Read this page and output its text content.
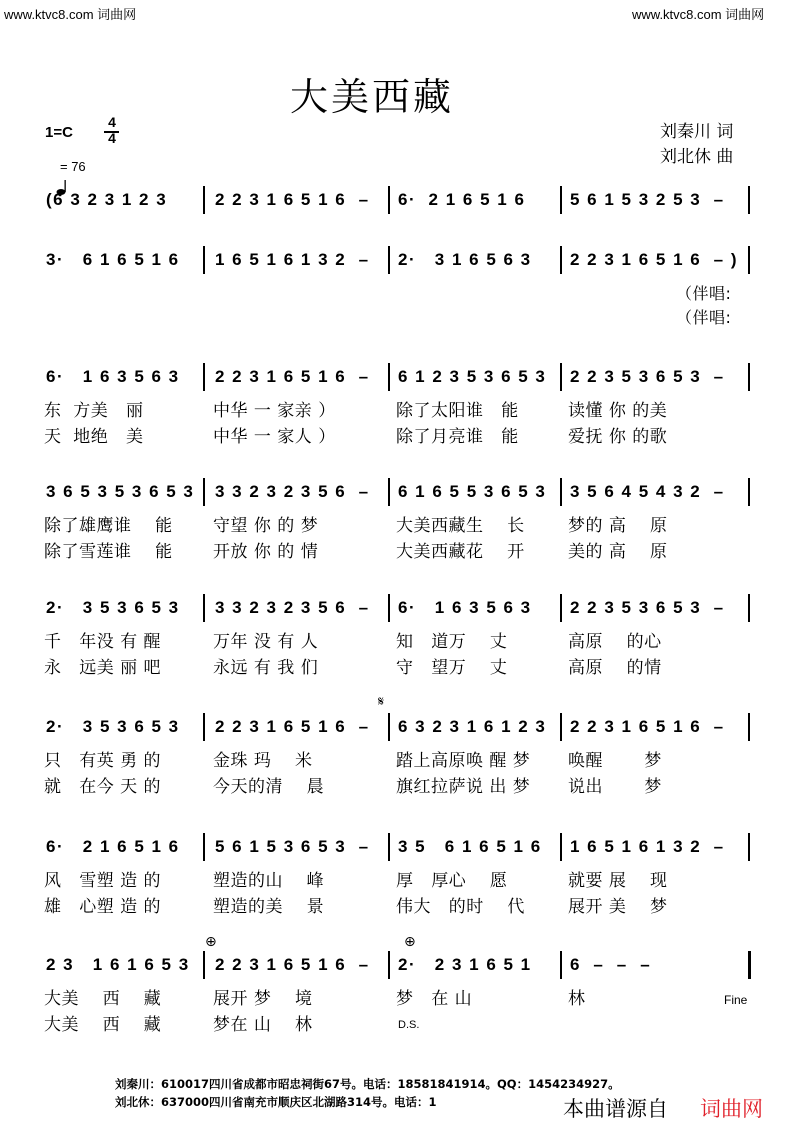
www.ktvc8.com 词曲网	www.ktvc8.com 词曲网
大美西藏
刘秦川 词
刘北休 曲
1=C
4
4

= 76
(6 3 2 3 1 2 3	2 2 3 1 6 5 1 6  – 6·  2 1 6 5 1 6	5 6 1 5 3 2 5 3  –
3·   6 1 6 5 1 6 1 6 5 1 6 1 3 2  – 2·   3 1 6 5 6 3 2 2 3 1 6 5 1 6  – )
（伴唱:
（伴唱:
6·   1 6 3 5 6 3 2 2 3 1 6 5 1 6  – 6 1 2 3 5 3 6 5 3 2 2 3 5 3 6 5 3  –
东  方美   丽	中华 一 家亲 ）	除了太阳谁   能	读懂 你 的美
天  地绝   美	中华 一 家人 ）	除了月亮谁   能	爱抚 你 的歌
3 6 5 3 5 3 6 5 3 3 3 2 3 2 3 5 6  – 6 1 6 5 5 3 6 5 3 3 5 6 4 5 4 3 2  –
除了雄鹰谁    能 守望 你 的 梦	大美西藏生    长	梦的 高    原
除了雪莲谁    能 开放 你 的 情	大美西藏花    开	美的 高    原
2·   3 5 3 6 5 3 3 3 2 3 2 3 5 6  – 6·   1 6 3 5 6 3 2 2 3 5 3 6 5 3  –
千   年没 有 醒	万年 没 有 人	知   道万    丈	高原    的心
永   远美 丽 吧	永远 有 我 们	守   望万    丈	高原    的情
2·   3 5 3 6 5 3 2 2 3 1 6 5 1 6  – 6 3 2 3 1 6 1 2 3 2 2 3 1 6 5 1 6  –
只   有英 勇 的	金珠 玛    米	踏上高原唤 醒 梦 唤醒       梦
就   在今 天 的	今天的清    晨	旗红拉萨说 出 梦 说出       梦
6·   2 1 6 5 1 6 5 6 1 5 3 6 5 3  – 3 5   6 1 6 5 1 6 1 6 5 1 6 1 3 2  –
风   雪塑 造 的	塑造的山    峰	厚   厚心    愿	就要 展    现
雄   心塑 造 的	塑造的美    景	伟大   的时    代	展开 美    梦
2 3   1 6 1 6 5 3 2 2 3 1 6 5 1 6  – 2·   2 3 1 6 5 1 6  –  –  –
大美    西    藏	展开 梦    境	梦   在 山	林
大美    西    藏	梦在 山    林
𝄋
⊕	⊕
Fine
D.S.
刘秦川：610017四川省成都市昭忠祠街67号。电话：18581841914。QQ：1454234927。
刘北休：637000四川省南充市顺庆区北湖路314号。电话：1	本曲谱源自 词曲网
